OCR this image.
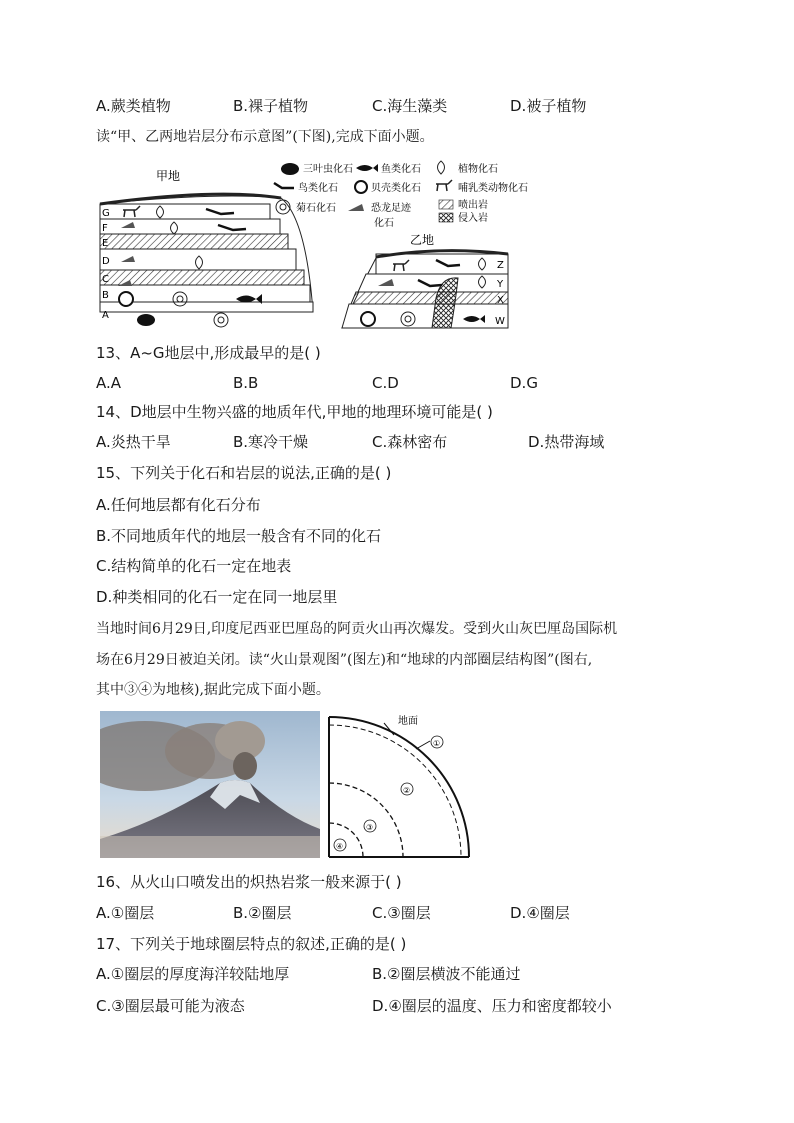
A.蕨类植物	B.裸子植物	C.海生藻类	D.被子植物
读“甲、乙两地岩层分布示意图”(下图),完成下面小题。
甲地
G
F
E
D
C
B
A
三叶虫化石	鱼类化石	植物化石
鸟类化石	贝壳类化石	哺乳类动物化石
菊石化石	恐龙足迹
化石
喷出岩
侵入岩
乙地
Z
Y
X
W
13、A~G地层中,形成最早的是( )
A.A	B.B	C.D	D.G
14、D地层中生物兴盛的地质年代,甲地的地理环境可能是( )
A.炎热干旱	B.寒冷干燥	C.森林密布	D.热带海域
15、下列关于化石和岩层的说法,正确的是( )
A.任何地层都有化石分布
B.不同地质年代的地层一般含有不同的化石
C.结构简单的化石一定在地表
D.种类相同的化石一定在同一地层里
当地时间6月29日,印度尼西亚巴厘岛的阿贡火山再次爆发。受到火山灰巴厘岛国际机
场在6月29日被迫关闭。读“火山景观图”(图左)和“地球的内部圈层结构图”(图右,
其中③④为地核),据此完成下面小题。
地面
①
②
③
④
16、从火山口喷发出的炽热岩浆一般来源于( )
A.①圈层	B.②圈层	C.③圈层	D.④圈层
17、下列关于地球圈层特点的叙述,正确的是( )
A.①圈层的厚度海洋较陆地厚	B.②圈层横波不能通过
C.③圈层最可能为液态	D.④圈层的温度、压力和密度都较小
